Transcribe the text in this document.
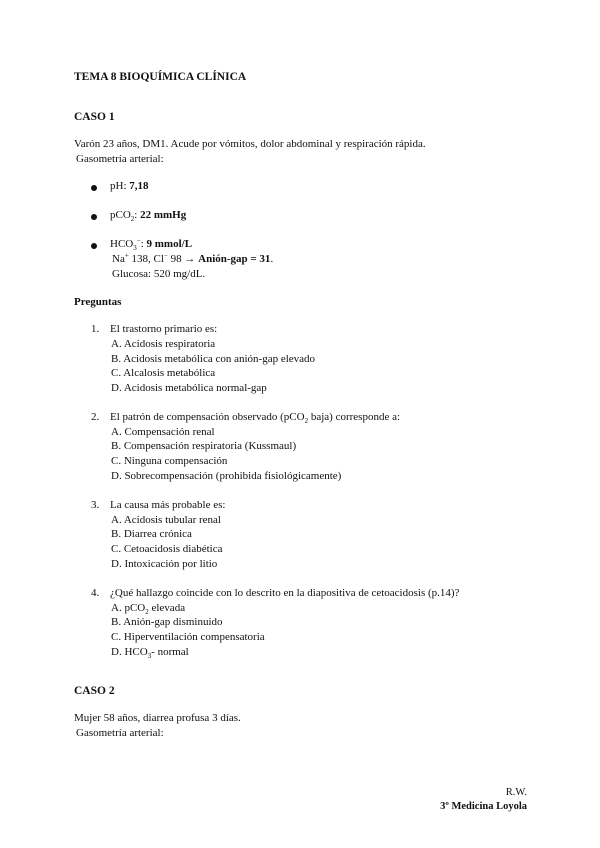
TEMA 8 BIOQUÍMICA CLÍNICA
CASO 1
Varón 23 años, DM1. Acude por vómitos, dolor abdominal y respiración rápida.
Gasometría arterial:
pH: 7,18
pCO$_2$: 22 mmHg
$HCO_3^-$: 9 mmol/L
Na+ 138, Cl− 98 → Anión-gap = 31.
Glucosa: 520 mg/dL.
Preguntas
1. El trastorno primario es:
A. Acidosis respiratoria
B. Acidosis metabólica con anión-gap elevado
C. Alcalosis metabólica
D. Acidosis metabólica normal-gap
2. El patrón de compensación observado (pCO$_2$ baja) corresponde a:
A. Compensación renal
B. Compensación respiratoria (Kussmaul)
C. Ninguna compensación
D. Sobrecompensación (prohibida fisiológicamente)
3. La causa más probable es:
A. Acidosis tubular renal
B. Diarrea crónica
C. Cetoacidosis diabética
D. Intoxicación por litio
4. ¿Qué hallazgo coincide con lo descrito en la diapositiva de cetoacidosis (p.14)?
A. pCO$_2$ elevada
B. Anión-gap disminuido
C. Hiperventilación compensatoria
D. $HCO_3-$ normal
CASO 2
Mujer 58 años, diarrea profusa 3 días.
Gasometría arterial:
R.W.
3º Medicina Loyola
